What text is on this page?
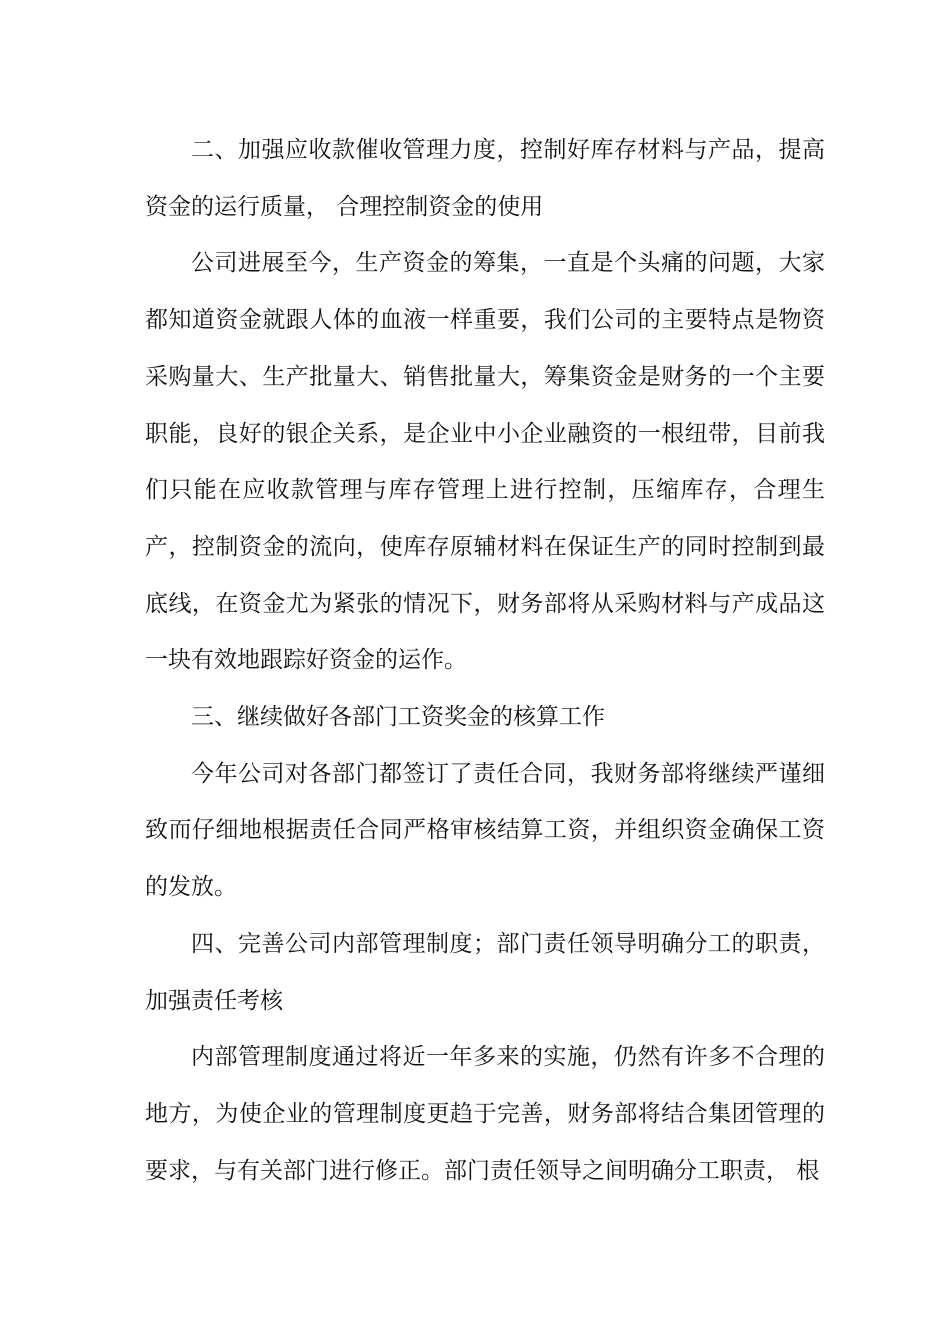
二、加强应收款催收管理力度，控制好库存材料与产品，提高资金的运行质量， 合理控制资金的使用

公司进展至今，生产资金的筹集，一直是个头痛的问题，大家都知道资金就跟人体的血液一样重要，我们公司的主要特点是物资采购量大、生产批量大、销售批量大，筹集资金是财务的一个主要职能，良好的银企关系，是企业中小企业融资的一根纽带，目前我们只能在应收款管理与库存管理上进行控制，压缩库存，合理生产，控制资金的流向，使库存原辅材料在保证生产的同时控制到最底线，在资金尤为紧张的情况下，财务部将从采购材料与产成品这一块有效地跟踪好资金的运作。

三、继续做好各部门工资奖金的核算工作

今年公司对各部门都签订了责任合同，我财务部将继续严谨细致而仔细地根据责任合同严格审核结算工资，并组织资金确保工资的发放。

四、完善公司内部管理制度；部门责任领导明确分工的职责，加强责任考核

内部管理制度通过将近一年多来的实施，仍然有许多不合理的地方，为使企业的管理制度更趋于完善，财务部将结合集团管理的要求，与有关部门进行修正。部门责任领导之间明确分工职责， 根
